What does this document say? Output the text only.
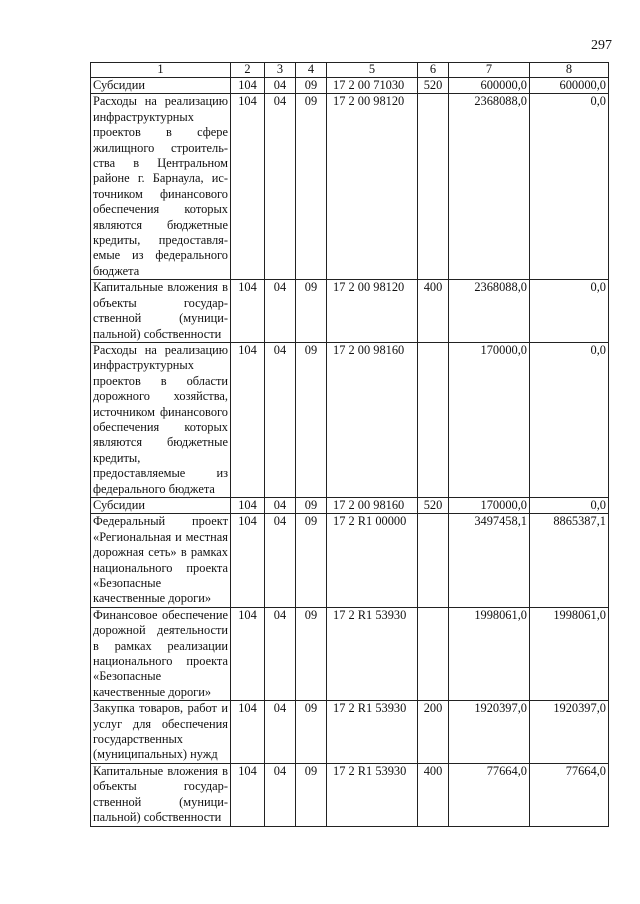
297
1	2	3	4	5	6	7	8
Субсидии	104	04	09	17 2 00 71030	520	600000,0	600000,0
Расходы на реализацию инфраструктурных проектов в сфере жилищного строительства в Центральном районе г. Барнаула, источником финансового обеспечения которых являются бюджетные кредиты, предоставляемые из федерального бюджета	104	04	09	17 2 00 98120		2368088,0	0,0
Капитальные вложения в объекты государственной (муниципальной) собственности	104	04	09	17 2 00 98120	400	2368088,0	0,0
Расходы на реализацию инфраструктурных проектов в области дорожного хозяйства, источником финансового обеспечения которых являются бюджетные кредиты, предоставляемые из федерального бюджета	104	04	09	17 2 00 98160		170000,0	0,0
Субсидии	104	04	09	17 2 00 98160	520	170000,0	0,0
Федеральный проект «Региональная и местная дорожная сеть» в рамках национального проекта «Безопасные качественные дороги»	104	04	09	17 2 R1 00000		3497458,1	8865387,1
Финансовое обеспечение дорожной деятельности в рамках реализации национального проекта «Безопасные качественные дороги»	104	04	09	17 2 R1 53930		1998061,0	1998061,0
Закупка товаров, работ и услуг для обеспечения государственных (муниципальных) нужд	104	04	09	17 2 R1 53930	200	1920397,0	1920397,0
Капитальные вложения в объекты государственной (муниципальной) собственности	104	04	09	17 2 R1 53930	400	77664,0	77664,0
